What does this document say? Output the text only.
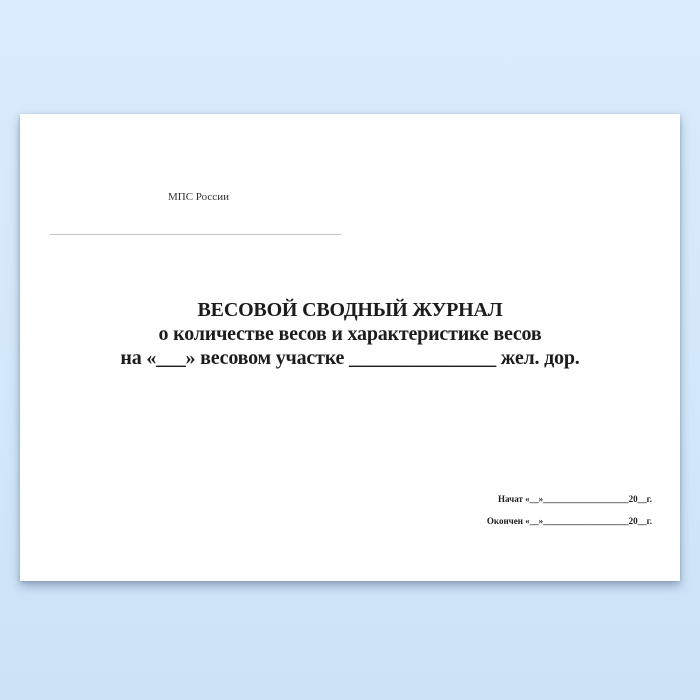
МПС России
_____________________________________________________
ВЕСОВОЙ СВОДНЫЙ ЖУРНАЛ
о количестве весов и характеристике весов
на «___» весовом участке _______________ жел. дор.
Начат «__»___________________20__г.
Окончен «__»___________________20__г.
